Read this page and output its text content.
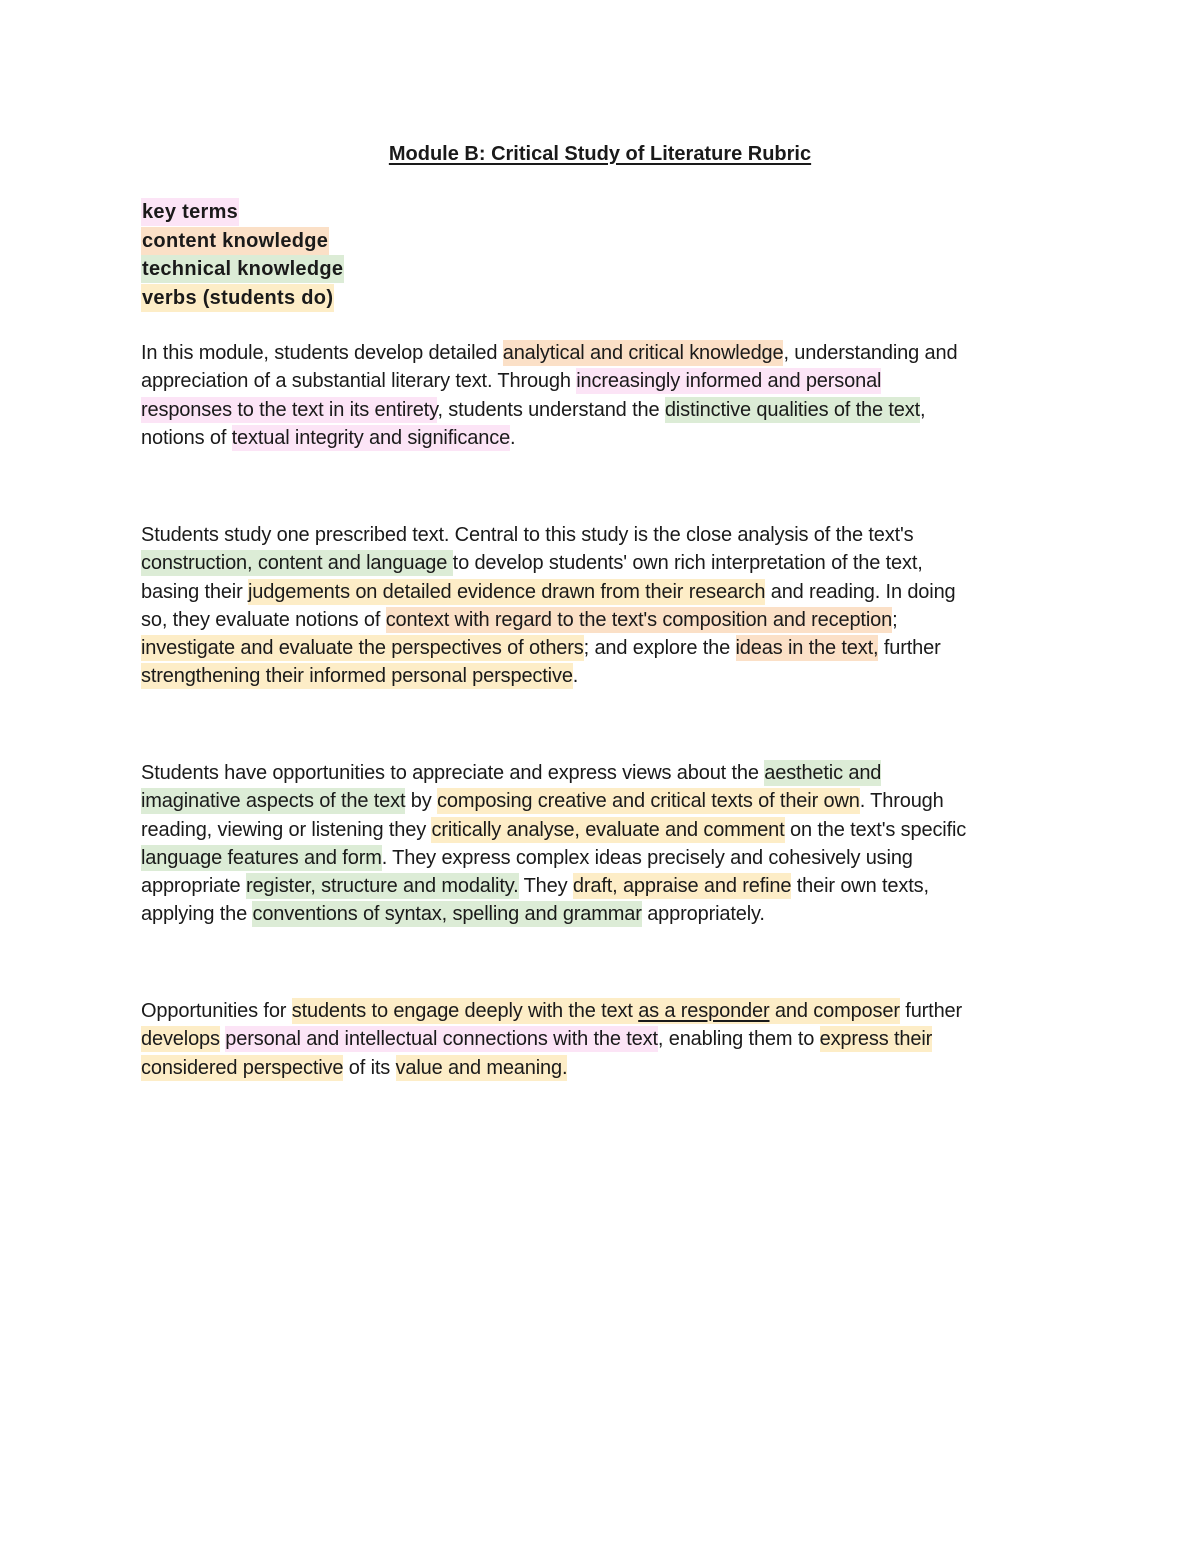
Module B: Critical Study of Literature Rubric
key terms
content knowledge
technical knowledge
verbs (students do)

In this module, students develop detailed analytical and critical knowledge, understanding and
appreciation of a substantial literary text. Through increasingly informed and personal
responses to the text in its entirety, students understand the distinctive qualities of the text,
notions of textual integrity and significance.

Students study one prescribed text. Central to this study is the close analysis of the text's
construction, content and language to develop students' own rich interpretation of the text,
basing their judgements on detailed evidence drawn from their research and reading. In doing
so, they evaluate notions of context with regard to the text's composition and reception;
investigate and evaluate the perspectives of others; and explore the ideas in the text, further
strengthening their informed personal perspective.

Students have opportunities to appreciate and express views about the aesthetic and
imaginative aspects of the text by composing creative and critical texts of their own. Through
reading, viewing or listening they critically analyse, evaluate and comment on the text's specific
language features and form. They express complex ideas precisely and cohesively using
appropriate register, structure and modality. They draft, appraise and refine their own texts,
applying the conventions of syntax, spelling and grammar appropriately.

Opportunities for students to engage deeply with the text as a responder and composer further
develops personal and intellectual connections with the text, enabling them to express their
considered perspective of its value and meaning.
